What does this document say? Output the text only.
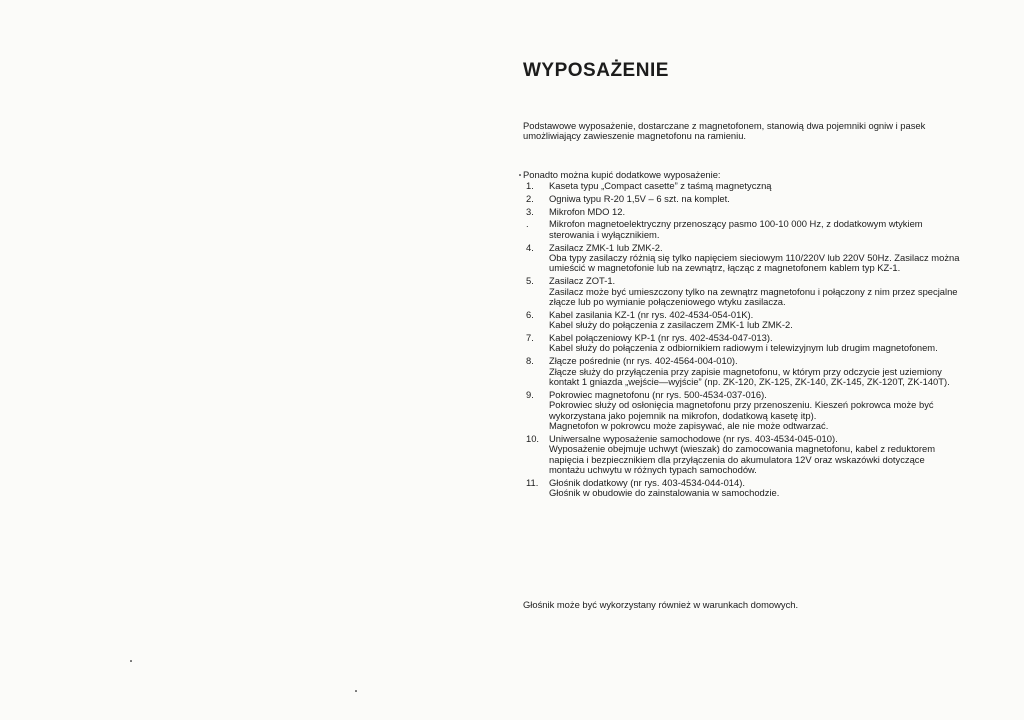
WYPOSAŻENIE

Podstawowe wyposażenie, dostarczane z magnetofonem, stanowią dwa pojemniki ogniw i pasek umożliwiający zawieszenie magnetofonu na ramieniu.

Ponadto można kupić dodatkowe wyposażenie:

1. Kaseta typu „Compact casette” z taśmą magnetyczną
2. Ogniwa typu R-20 1,5V – 6 szt. na komplet.
3. Mikrofon MDO 12.
. Mikrofon magnetoelektryczny przenoszący pasmo 100-10 000 Hz, z dodatkowym wtykiem sterowania i wyłącznikiem.
4. Zasilacz ZMK-1 lub ZMK-2.
Oba typy zasilaczy różnią się tylko napięciem sieciowym 110/220V lub 220V 50Hz. Zasilacz można umieścić w magnetofonie lub na zewnątrz, łącząc z magnetofonem kablem typ KZ-1.
5. Zasilacz ZOT-1.
Zasilacz może być umieszczony tylko na zewnątrz magnetofonu i połączony z nim przez specjalne złącze lub po wymianie połączeniowego wtyku zasilacza.
6. Kabel zasilania KZ-1 (nr rys. 402-4534-054-01K).
Kabel służy do połączenia z zasilaczem ZMK-1 lub ZMK-2.
7. Kabel połączeniowy KP-1 (nr rys. 402-4534-047-013).
Kabel służy do połączenia z odbiornikiem radiowym i telewizyjnym lub drugim magnetofonem.
8. Złącze pośrednie (nr rys. 402-4564-004-010).
Złącze służy do przyłączenia przy zapisie magnetofonu, w którym przy odczycie jest uziemiony kontakt 1 gniazda „wejście—wyjście” (np. ZK-120, ZK-125, ZK-140, ZK-145, ZK-120T, ZK-140T).
9. Pokrowiec magnetofonu (nr rys. 500-4534-037-016).
Pokrowiec służy od osłonięcia magnetofonu przy przenoszeniu. Kieszeń pokrowca może być wykorzystana jako pojemnik na mikrofon, dodatkową kasetę itp).
Magnetofon w pokrowcu może zapisywać, ale nie może odtwarzać.
10. Uniwersalne wyposażenie samochodowe (nr rys. 403-4534-045-010).
Wyposażenie obejmuje uchwyt (wieszak) do zamocowania magnetofonu, kabel z reduktorem napięcia i bezpiecznikiem dla przyłączenia do akumulatora 12V oraz wskazówki dotyczące montażu uchwytu w różnych typach samochodów.
11. Głośnik dodatkowy (nr rys. 403-4534-044-014).
Głośnik w obudowie do zainstalowania w samochodzie.

Głośnik może być wykorzystany również w warunkach domowych.
